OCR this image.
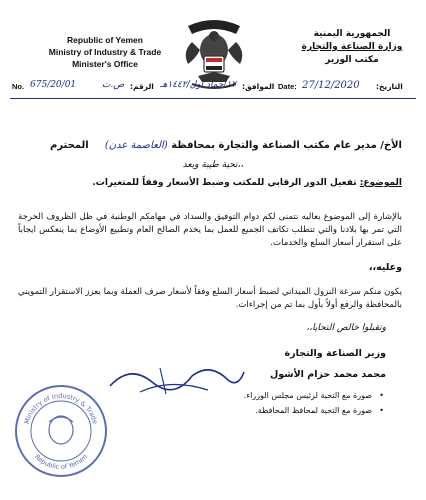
Republic of Yemen
Ministry of Industry & Trade
Minister's Office
الجمهورية اليمنية
وزارة الصناعة والتجارة
مكتب الوزير
No. 675/20/01	ص.ت الرقم: ١٢/جماد أول/١٤٤٢هـ الموافق: Date: 27/12/2020 التاريخ:
الأخ/ مدير عام مكتب الصناعة والتجارة بمحافظة (العاصمة عدن)
المحترم
تحية طيبة وبعد،،
الموضوع: تفعيل الدور الرقابي للمكتب وضبط الأسعار وفقاً للمتغيرات.
بالإشارة إلى الموضوع بعاليه نتمنى لكم دوام التوفيق والسداد في مهامكم الوطنية في ظل الظروف الحرجة التي تمر بها بلادنا والتي تتطلب تكاتف الجميع للعمل بما يخدم الصالح العام وتطبيع الأوضاع بما ينعكس ايجاباً على استقرار أسعار السلع والخدمات.
وعليه،،
يكون منكم سرعة النزول الميداني لضبط أسعار السلع وفقاً لأسعار صرف العملة وبما يعزز الاستقرار التمويني بالمحافظة والرفع أولاً بأول بما تم من إجراءات.
وتقبلوا خالص التحايا،،
وزير الصناعة والتجارة
محمد محمد حزام الأشول
Ministry of Industry & Trade
Republic of Yemen
•
صورة مع التحية لرئيس مجلس الوزراء.
•
صورة مع التحية لمحافظ المحافظة.
